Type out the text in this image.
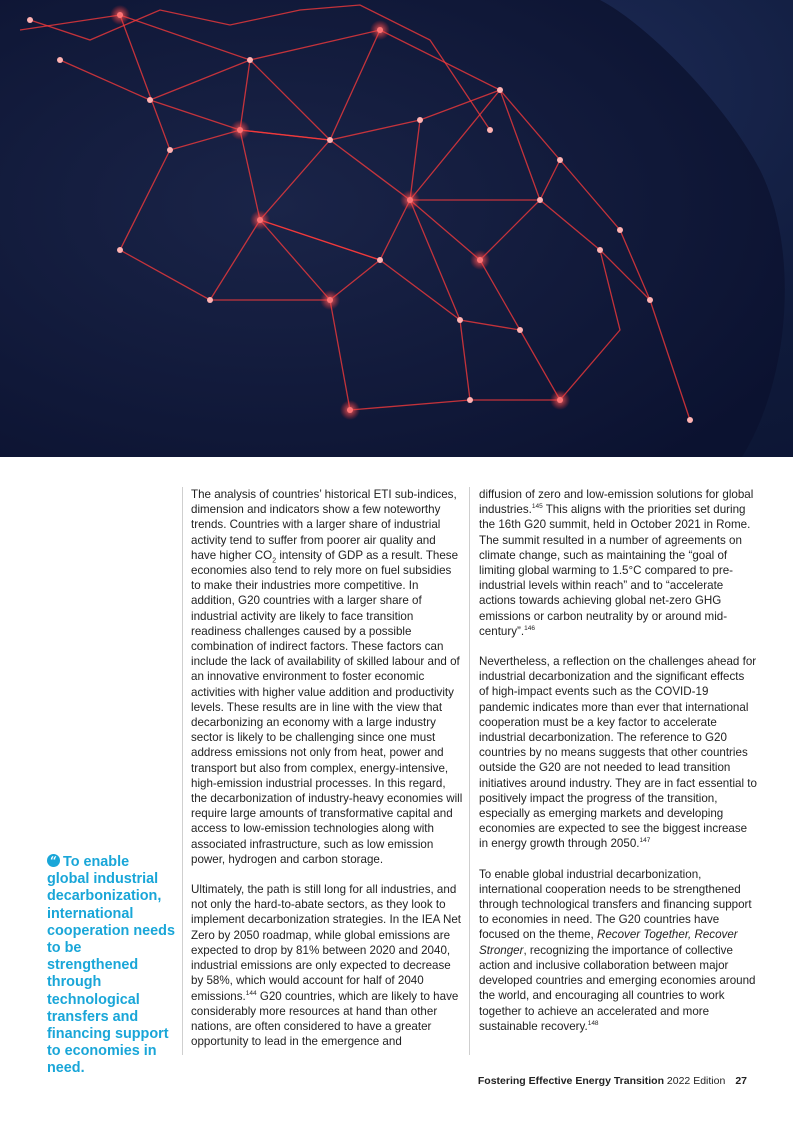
The analysis of countries’ historical ETI sub-indices, dimension and indicators show a few noteworthy trends. Countries with a larger share of industrial activity tend to suffer from poorer air quality and have higher $CO_2$ intensity of GDP as a result. These economies also tend to rely more on fuel subsidies to make their industries more competitive. In addition, G20 countries with a larger share of industrial activity are likely to face transition readiness challenges caused by a possible combination of indirect factors. These factors can include the lack of availability of skilled labour and of an innovative environment to foster economic activities with higher value addition and productivity levels. These results are in line with the view that decarbonizing an economy with a large industry sector is likely to be challenging since one must address emissions not only from heat, power and transport but also from complex, energy-intensive, high-emission industrial processes. In this regard, the decarbonization of industry-heavy economies will require large amounts of transformative capital and access to low-emission technologies along with associated infrastructure, such as low emission power, hydrogen and carbon storage.

Ultimately, the path is still long for all industries, and not only the hard-to-abate sectors, as they look to implement decarbonization strategies. In the IEA Net Zero by 2050 roadmap, while global emissions are expected to drop by 81% between 2020 and 2040, industrial emissions are only expected to decrease by 58%, which would account for half of 2040 emissions.$^{144}$ G20 countries, which are likely to have considerably more resources at hand than other nations, are often considered to have a greater opportunity to lead in the emergence and

diffusion of zero and low-emission solutions for global industries.$^{145}$ This aligns with the priorities set during the 16th G20 summit, held in October 2021 in Rome. The summit resulted in a number of agreements on climate change, such as maintaining the “goal of limiting global warming to 1.5°C compared to pre-industrial levels within reach” and to “accelerate actions towards achieving global net-zero GHG emissions or carbon neutrality by or around mid-century”.$^{146}$

Nevertheless, a reflection on the challenges ahead for industrial decarbonization and the significant effects of high-impact events such as the COVID-19 pandemic indicates more than ever that international cooperation must be a key factor to accelerate industrial decarbonization. The reference to G20 countries by no means suggests that other countries outside the G20 are not needed to lead transition initiatives around industry. They are in fact essential to positively impact the progress of the transition, especially as emerging markets and developing economies are expected to see the biggest increase in energy growth through 2050.$^{147}$

To enable global industrial decarbonization, international cooperation needs to be strengthened through technological transfers and financing support to economies in need. The G20 countries have focused on the theme, Recover Together, Recover Stronger, recognizing the importance of collective action and inclusive collaboration between major developed countries and emerging economies around the world, and encouraging all countries to work together to achieve an accelerated and more sustainable recovery.$^{148}$

“ To enable global industrial decarbonization, international cooperation needs to be strengthened through technological transfers and financing support to economies in need.
Fostering Effective Energy Transition 2022 Edition 27
